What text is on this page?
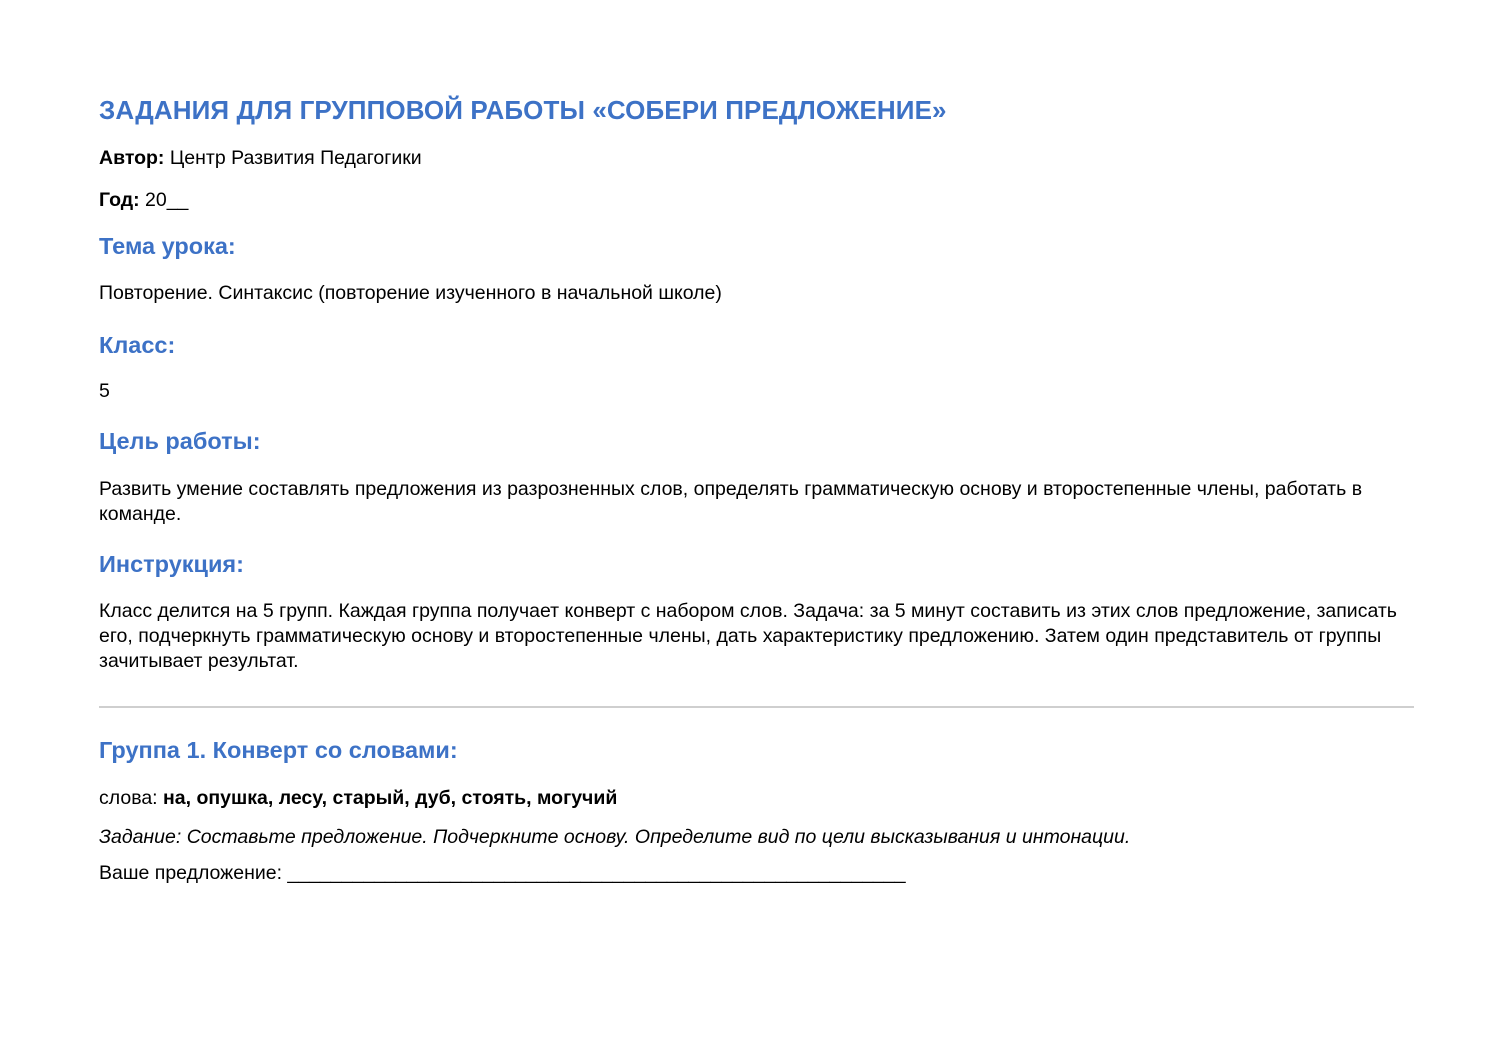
ЗАДАНИЯ ДЛЯ ГРУППОВОЙ РАБОТЫ «СОБЕРИ ПРЕДЛОЖЕНИЕ»

Автор: Центр Развития Педагогики

Год: 20__

Тема урока:

Повторение. Синтаксис (повторение изученного в начальной школе)

Класс:

5

Цель работы:

Развить умение составлять предложения из разрозненных слов, определять грамматическую основу и второстепенные члены, работать в команде.

Инструкция:

Класс делится на 5 групп. Каждая группа получает конверт с набором слов. Задача: за 5 минут составить из этих слов предложение, записать его, подчеркнуть грамматическую основу и второстепенные члены, дать характеристику предложению. Затем один представитель от группы зачитывает результат.

Группа 1. Конверт со словами:

слова: на, опушка, лесу, старый, дуб, стоять, могучий

Задание: Составьте предложение. Подчеркните основу. Определите вид по цели высказывания и интонации.

Ваше предложение: _________________________________________________________
